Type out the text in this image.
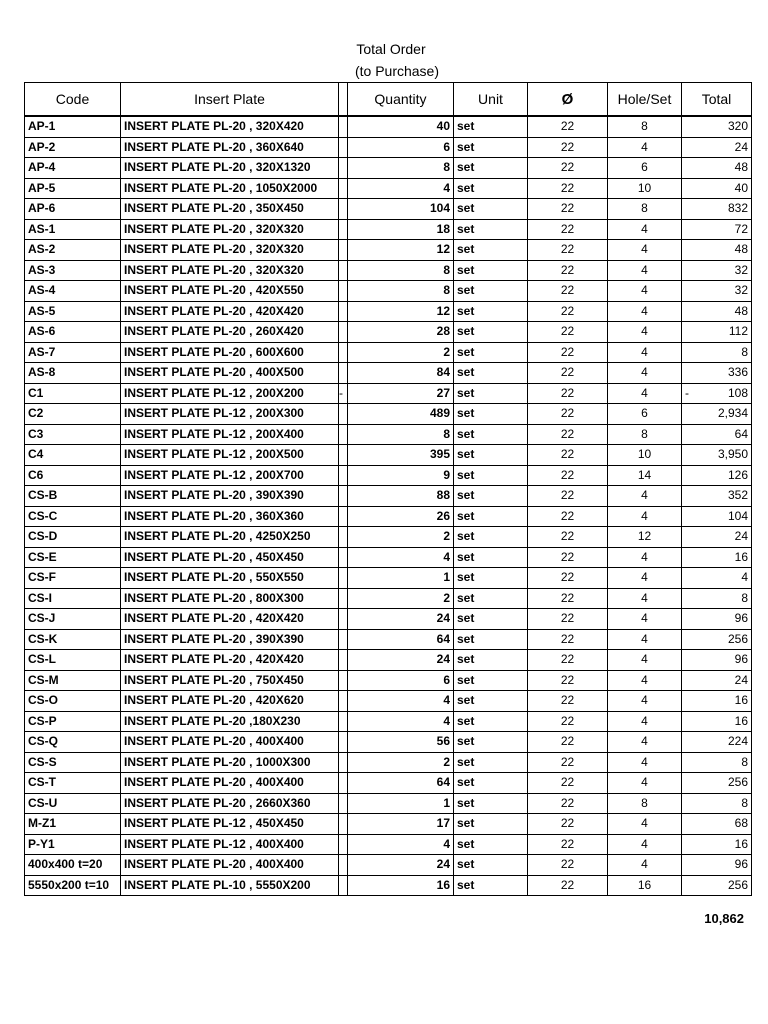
Total Order
(to Purchase)
Code	Insert Plate		Quantity	Unit	Ø	Hole/Set	Total
AP-1	INSERT PLATE PL-20 , 320X420		40	set	22	8	320
AP-2	INSERT PLATE PL-20 , 360X640		6	set	22	4	24
AP-4	INSERT PLATE PL-20 , 320X1320		8	set	22	6	48
AP-5	INSERT PLATE PL-20 , 1050X2000		4	set	22	10	40
AP-6	INSERT PLATE PL-20 , 350X450		104	set	22	8	832
AS-1	INSERT PLATE PL-20 , 320X320		18	set	22	4	72
AS-2	INSERT PLATE PL-20 , 320X320		12	set	22	4	48
AS-3	INSERT PLATE PL-20 , 320X320		8	set	22	4	32
AS-4	INSERT PLATE PL-20 , 420X550		8	set	22	4	32
AS-5	INSERT PLATE PL-20 , 420X420		12	set	22	4	48
AS-6	INSERT PLATE PL-20 , 260X420		28	set	22	4	112
AS-7	INSERT PLATE PL-20 , 600X600		2	set	22	4	8
AS-8	INSERT PLATE PL-20 , 400X500		84	set	22	4	336
C1	INSERT PLATE PL-12 , 200X200		- 27	set	22	4	- 108
C2	INSERT PLATE PL-12 , 200X300		489	set	22	6	2,934
C3	INSERT PLATE PL-12 , 200X400		8	set	22	8	64
C4	INSERT PLATE PL-12 , 200X500		395	set	22	10	3,950
C6	INSERT PLATE PL-12 , 200X700		9	set	22	14	126
CS-B	INSERT PLATE PL-20 , 390X390		88	set	22	4	352
CS-C	INSERT PLATE PL-20 , 360X360		26	set	22	4	104
CS-D	INSERT PLATE PL-20 , 4250X250		2	set	22	12	24
CS-E	INSERT PLATE PL-20 , 450X450		4	set	22	4	16
CS-F	INSERT PLATE PL-20 , 550X550		1	set	22	4	4
CS-I	INSERT PLATE PL-20 , 800X300		2	set	22	4	8
CS-J	INSERT PLATE PL-20 , 420X420		24	set	22	4	96
CS-K	INSERT PLATE PL-20 , 390X390		64	set	22	4	256
CS-L	INSERT PLATE PL-20 , 420X420		24	set	22	4	96
CS-M	INSERT PLATE PL-20 , 750X450		6	set	22	4	24
CS-O	INSERT PLATE PL-20 , 420X620		4	set	22	4	16
CS-P	INSERT PLATE PL-20 ,180X230		4	set	22	4	16
CS-Q	INSERT PLATE PL-20 , 400X400		56	set	22	4	224
CS-S	INSERT PLATE PL-20 , 1000X300		2	set	22	4	8
CS-T	INSERT PLATE PL-20 , 400X400		64	set	22	4	256
CS-U	INSERT PLATE PL-20 , 2660X360		1	set	22	8	8
M-Z1	INSERT PLATE PL-12 , 450X450		17	set	22	4	68
P-Y1	INSERT PLATE PL-12 , 400X400		4	set	22	4	16
400x400 t=20	INSERT PLATE PL-20 , 400X400		24	set	22	4	96
5550x200 t=10	INSERT PLATE PL-10 , 5550X200		16	set	22	16	256
10,862
